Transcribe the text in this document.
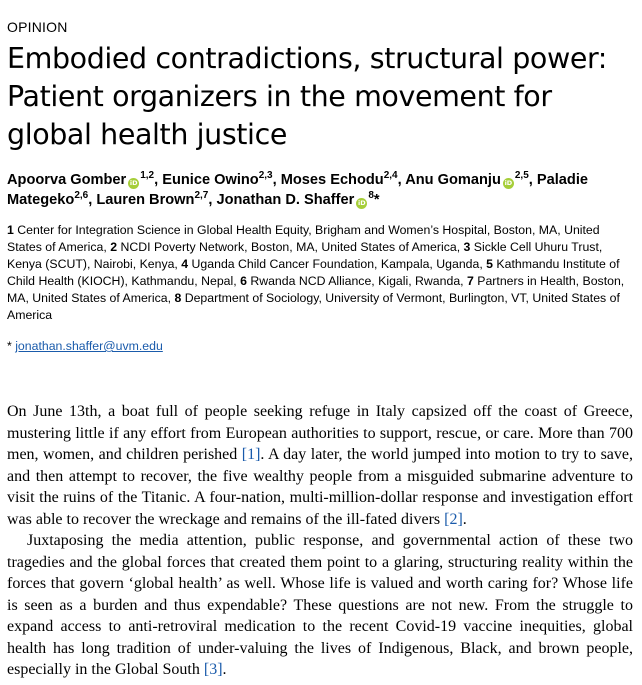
OPINION
Embodied contradictions, structural power: Patient organizers in the movement for global health justice

Apoorva Gomber iD$^{1,2}$, Eunice Owino$^{2,3}$, Moses Echodu$^{2,4}$, Anu Gomanju iD$^{2,5}$, Paladie Mategeko$^{2,6}$, Lauren Brown$^{2,7}$, Jonathan D. Shaffer $iD^8*$

1 Center for Integration Science in Global Health Equity, Brigham and Women’s Hospital, Boston, MA, United States of America, 2 NCDI Poverty Network, Boston, MA, United States of America, 3 Sickle Cell Uhuru Trust, Kenya (SCUT), Nairobi, Kenya, 4 Uganda Child Cancer Foundation, Kampala, Uganda, 5 Kathmandu Institute of Child Health (KIOCH), Kathmandu, Nepal, 6 Rwanda NCD Alliance, Kigali, Rwanda, 7 Partners in Health, Boston, MA, United States of America, 8 Department of Sociology, University of Vermont, Burlington, VT, United States of America

* jonathan.shaffer@uvm.edu

On June 13th, a boat full of people seeking refuge in Italy capsized off the coast of Greece, mustering little if any effort from European authorities to support, rescue, or care. More than 700 men, women, and children perished [1]. A day later, the world jumped into motion to try to save, and then attempt to recover, the five wealthy people from a misguided submarine adventure to visit the ruins of the Titanic. A four-nation, multi-million-dollar response and investigation effort was able to recover the wreckage and remains of the ill-fated divers [2].

Juxtaposing the media attention, public response, and governmental action of these two tragedies and the global forces that created them point to a glaring, structuring reality within the forces that govern ‘global health’ as well. Whose life is valued and worth caring for? Whose life is seen as a burden and thus expendable? These questions are not new. From the struggle to expand access to anti-retroviral medication to the recent Covid-19 vaccine inequities, global health has long tradition of under-valuing the lives of Indigenous, Black, and brown people, especially in the Global South [3].
